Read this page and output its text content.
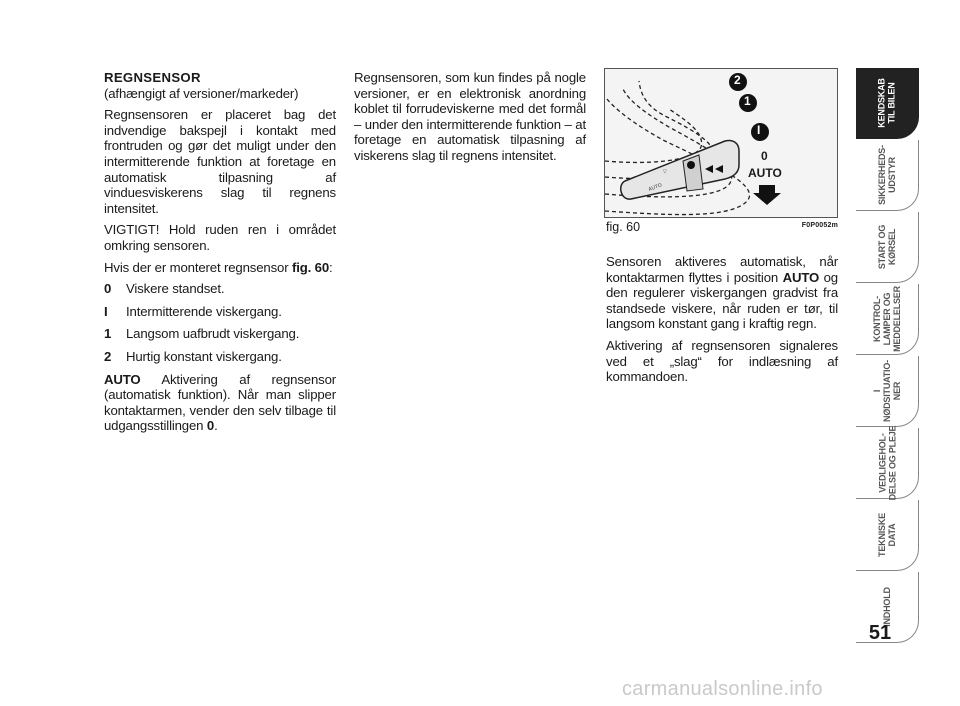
REGNSENSOR
(afhængigt af versioner/markeder)

Regnsensoren er placeret bag det indvendige bakspejl i kontakt med frontruden og gør det muligt under den intermitterende funktion at foretage en automatisk tilpasning af vinduesviskerens slag til regnens intensitet.

VIGTIGT! Hold ruden ren i området omkring sensoren.

Hvis der er monteret regnsensor fig. 60:

0	Viskere standset.
I	Intermitterende viskergang.
1	Langsom uafbrudt viskergang.
2	Hurtig konstant viskergang.

AUTO Aktivering af regnsensor (automatisk funktion). Når man slipper kontaktarmen, vender den selv tilbage til udgangsstillingen 0.

Regnsensoren, som kun findes på nogle versioner, er en elektronisk anordning koblet til forrudeviskerne med det formål – under den intermitterende funktion – at foretage en automatisk tilpasning af viskerens slag til regnens intensitet.

AUTO
▽
2
1
I
0
AUTO
fig. 60	F0P0052m

Sensoren aktiveres automatisk, når kontaktarmen flyttes i position AUTO og den regulerer viskergangen gradvist fra standsede viskere, når ruden er tør, til langsom konstant gang i kraftig regn.

Aktivering af regnsensoren signaleres ved et „slag“ for indlæsning af kommandoen.

KENDSKAB
TIL BILEN
SIKKERHEDS-
UDSTYR
START OG
KØRSEL
KONTROL-
LAMPER OG
MEDDELELSER
I
NØDSITUATIO-
NER
VEDLIGEHOL-
DELSE OG PLEJE
TEKNISKE
DATA
INDHOLD
51
carmanualsonline.info
